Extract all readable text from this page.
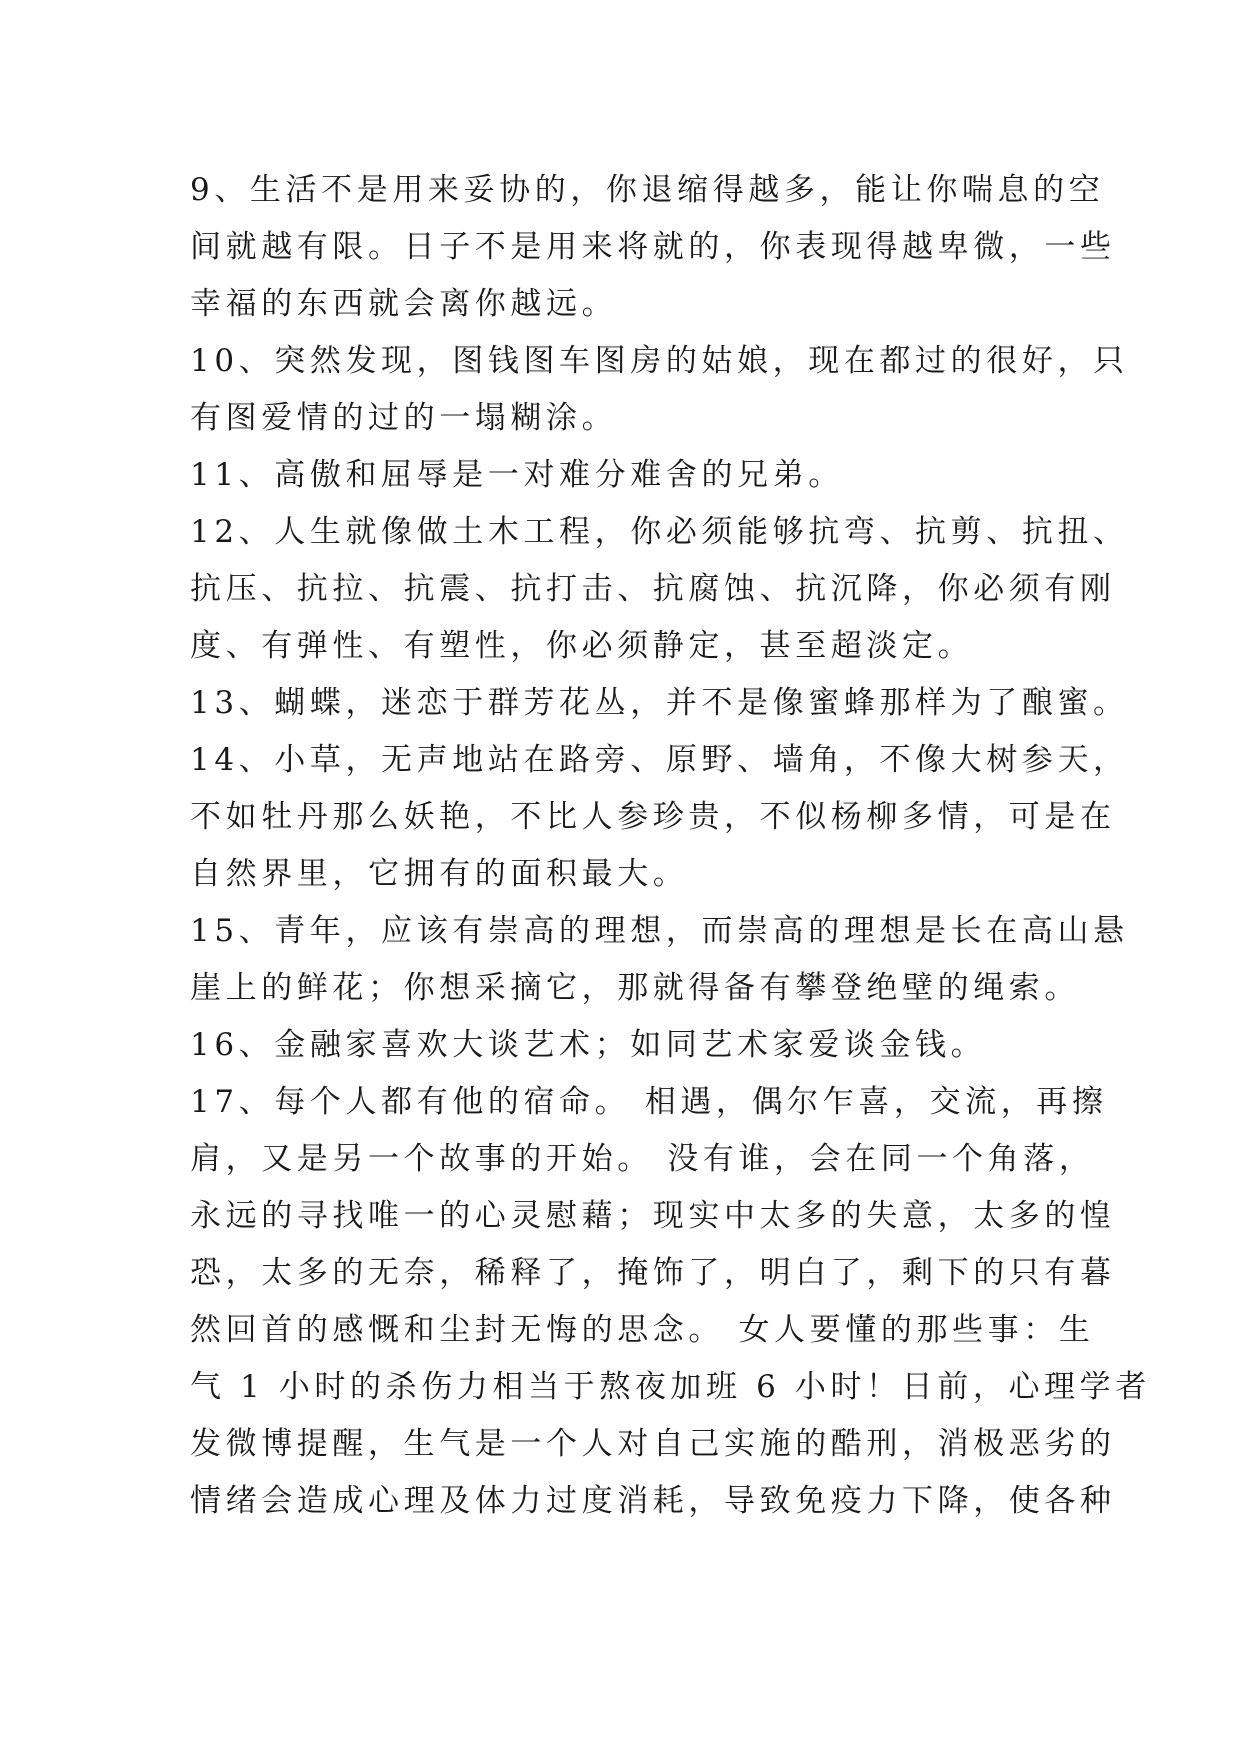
9、生活不是用来妥协的，你退缩得越多，能让你喘息的空
间就越有限。日子不是用来将就的，你表现得越卑微，一些
幸福的东西就会离你越远。
10、突然发现，图钱图车图房的姑娘，现在都过的很好，只
有图爱情的过的一塌糊涂。
11、高傲和屈辱是一对难分难舍的兄弟。
12、人生就像做土木工程，你必须能够抗弯、抗剪、抗扭、
抗压、抗拉、抗震、抗打击、抗腐蚀、抗沉降，你必须有刚
度、有弹性、有塑性，你必须静定，甚至超淡定。
13、蝴蝶，迷恋于群芳花丛，并不是像蜜蜂那样为了酿蜜。
14、小草，无声地站在路旁、原野、墙角，不像大树参天，
不如牡丹那么妖艳，不比人参珍贵，不似杨柳多情，可是在
自然界里，它拥有的面积最大。
15、青年，应该有崇高的理想，而崇高的理想是长在高山悬
崖上的鲜花；你想采摘它，那就得备有攀登绝壁的绳索。
16、金融家喜欢大谈艺术；如同艺术家爱谈金钱。
17、每个人都有他的宿命。 相遇，偶尔乍喜，交流，再擦
肩，又是另一个故事的开始。 没有谁，会在同一个角落，
永远的寻找唯一的心灵慰藉；现实中太多的失意，太多的惶
恐，太多的无奈，稀释了，掩饰了，明白了，剩下的只有暮
然回首的感慨和尘封无悔的思念。 女人要懂的那些事：生
气 1 小时的杀伤力相当于熬夜加班 6 小时！日前，心理学者
发微博提醒，生气是一个人对自己实施的酷刑，消极恶劣的
情绪会造成心理及体力过度消耗，导致免疫力下降，使各种
